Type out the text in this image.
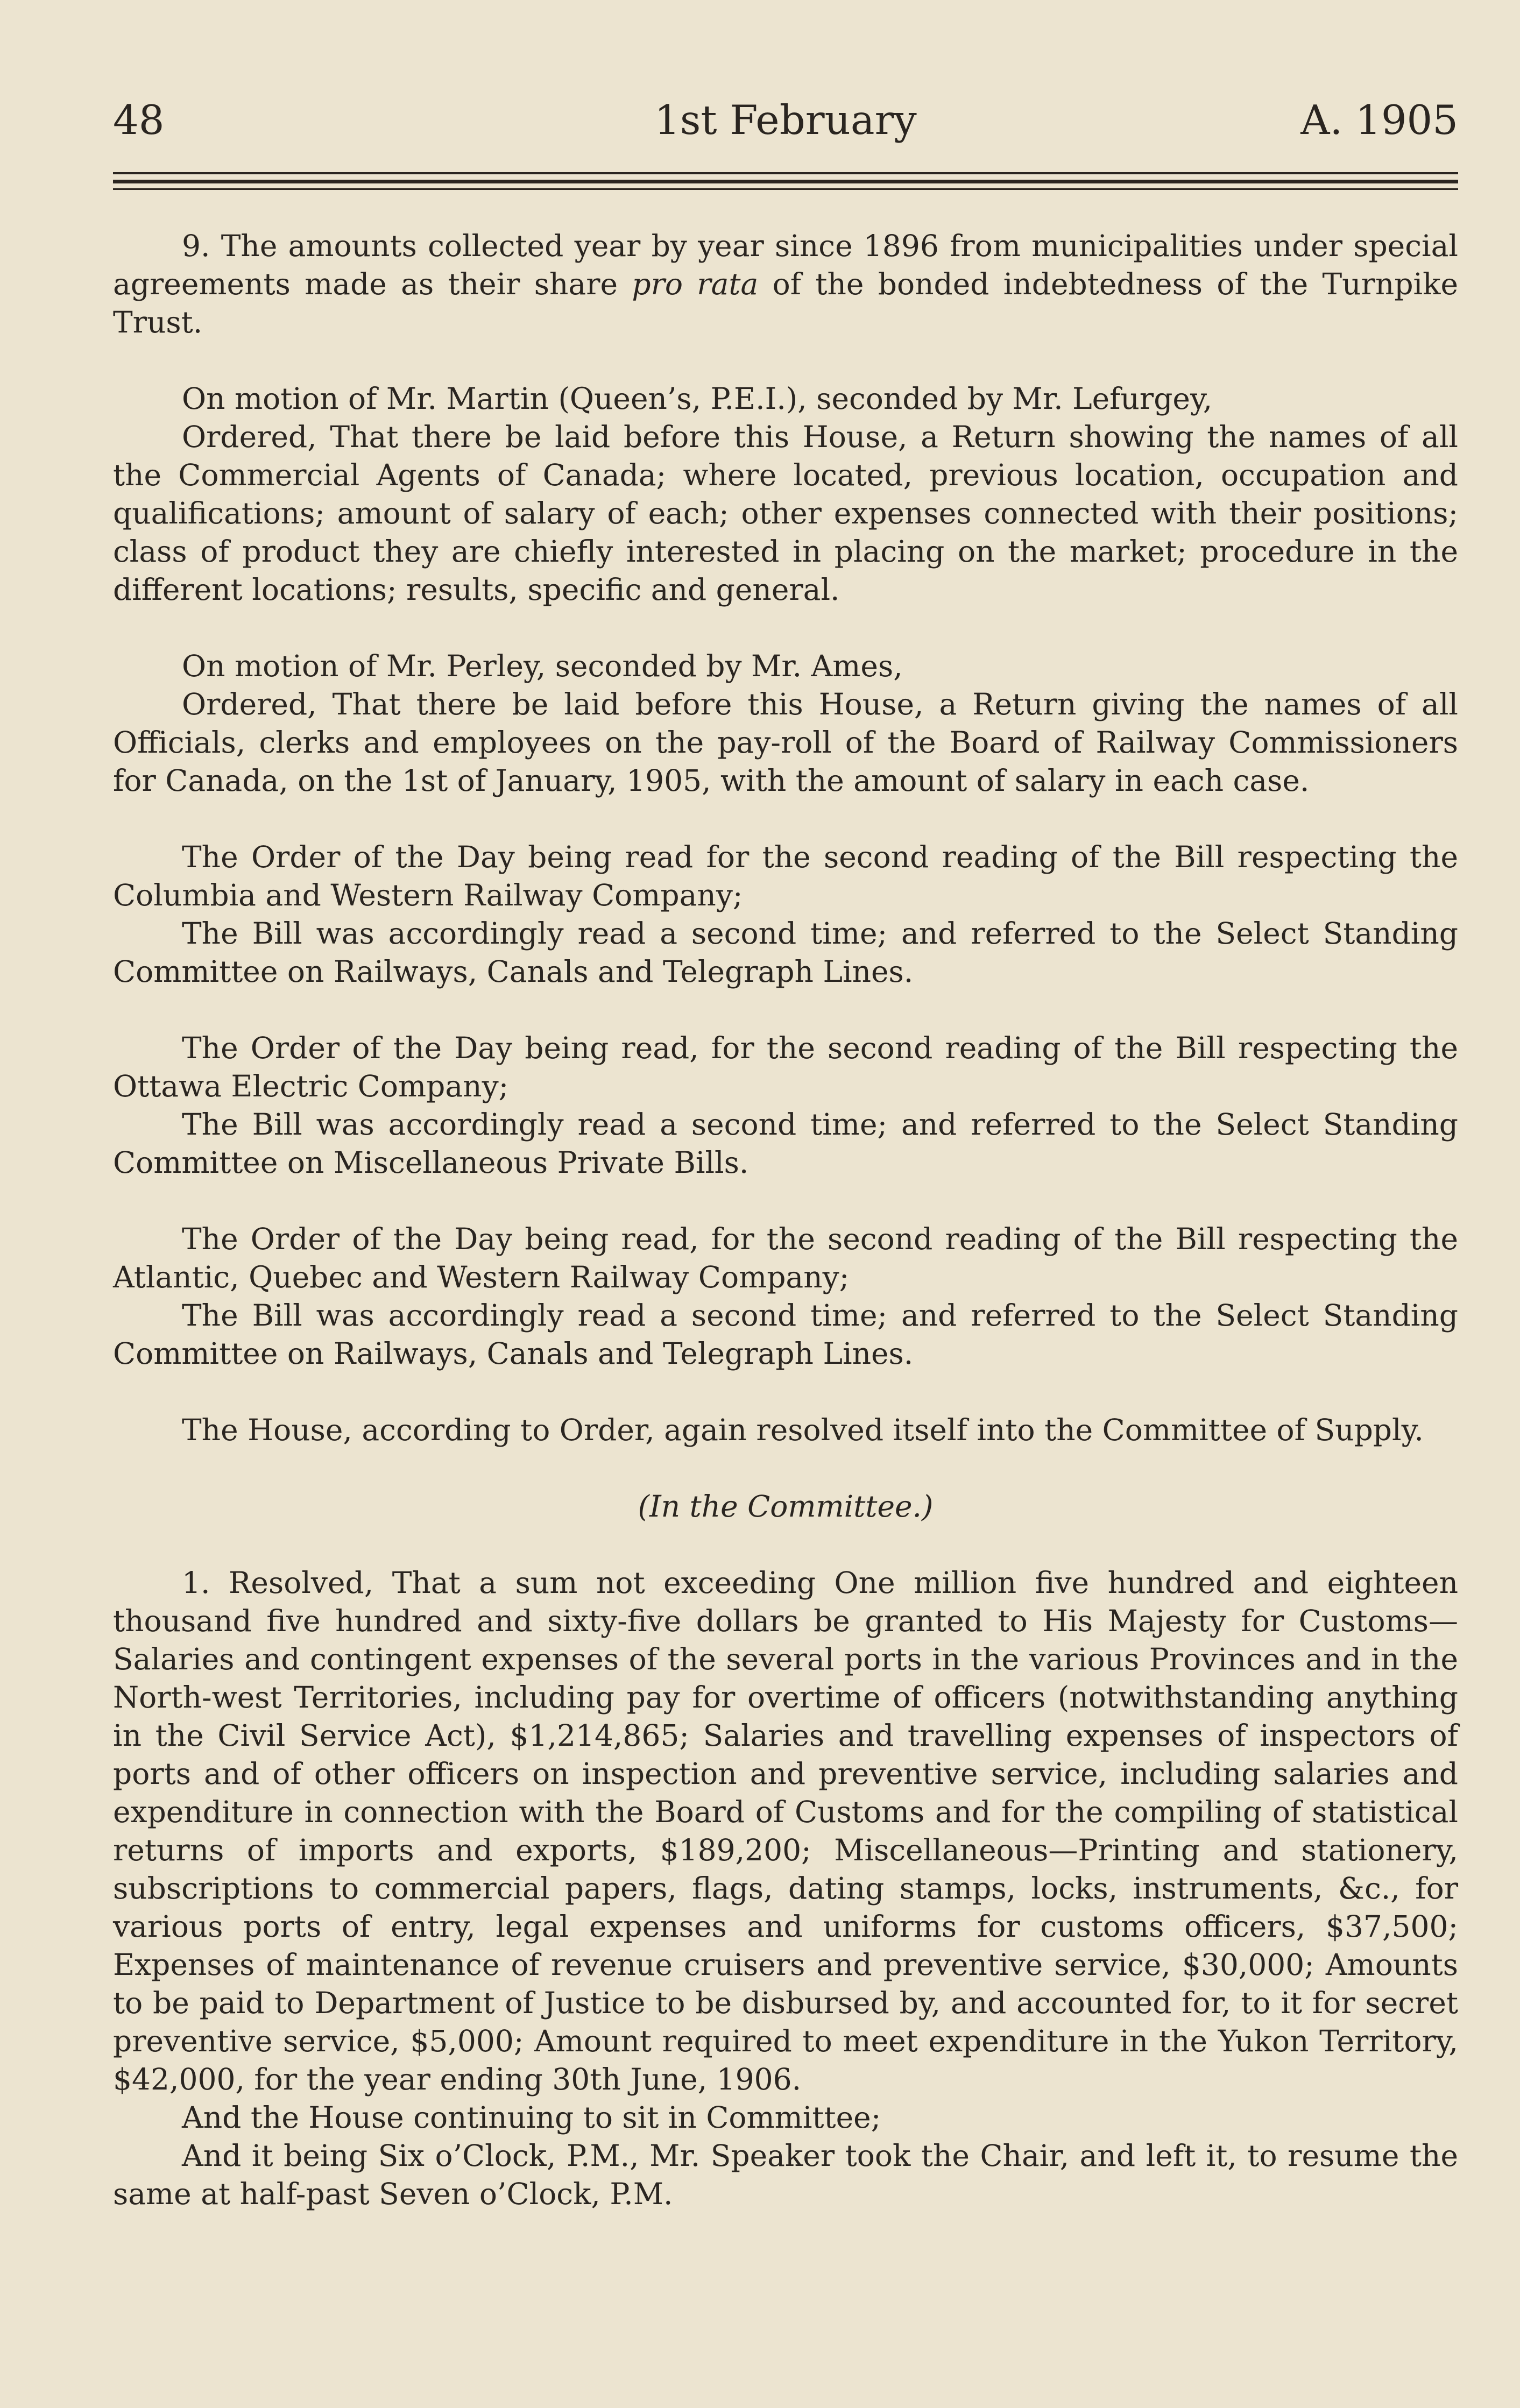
48	1st February	A. 1905

9. The amounts collected year by year since 1896 from municipalities under special agreements made as their share pro rata of the bonded indebtedness of the Turnpike Trust.

On motion of Mr. Martin (Queen’s, P.E.I.), seconded by Mr. Lefurgey,

Ordered, That there be laid before this House, a Return showing the names of all the Commercial Agents of Canada; where located, previous location, occupation and qualifications; amount of salary of each; other expenses connected with their positions; class of product they are chiefly interested in placing on the market; procedure in the different locations; results, specific and general.

On motion of Mr. Perley, seconded by Mr. Ames,

Ordered, That there be laid before this House, a Return giving the names of all Officials, clerks and employees on the pay-roll of the Board of Railway Commissioners for Canada, on the 1st of January, 1905, with the amount of salary in each case.

The Order of the Day being read for the second reading of the Bill respecting the Columbia and Western Railway Company;

The Bill was accordingly read a second time; and referred to the Select Standing Committee on Railways, Canals and Telegraph Lines.

The Order of the Day being read, for the second reading of the Bill respecting the Ottawa Electric Company;

The Bill was accordingly read a second time; and referred to the Select Standing Committee on Miscellaneous Private Bills.

The Order of the Day being read, for the second reading of the Bill respecting the Atlantic, Quebec and Western Railway Company;

The Bill was accordingly read a second time; and referred to the Select Standing Committee on Railways, Canals and Telegraph Lines.

The House, according to Order, again resolved itself into the Committee of Supply.

(In the Committee.)

1. Resolved, That a sum not exceeding One million five hundred and eighteen thousand five hundred and sixty-five dollars be granted to His Majesty for Customs— Salaries and contingent expenses of the several ports in the various Provinces and in the North-west Territories, including pay for overtime of officers (notwithstanding anything in the Civil Service Act), $1,214,865; Salaries and travelling expenses of inspectors of ports and of other officers on inspection and preventive service, including salaries and expenditure in connection with the Board of Customs and for the compiling of statistical returns of imports and exports, $189,200; Miscellaneous—Printing and stationery, subscriptions to commercial papers, flags, dating stamps, locks, instruments, &c., for various ports of entry, legal expenses and uniforms for customs officers, $37,500; Expenses of maintenance of revenue cruisers and preventive service, $30,000; Amounts to be paid to Department of Justice to be disbursed by, and accounted for, to it for secret preventive service, $5,000; Amount required to meet expenditure in the Yukon Territory, $42,000, for the year ending 30th June, 1906.

And the House continuing to sit in Committee;

And it being Six o’Clock, P.M., Mr. Speaker took the Chair, and left it, to resume the same at half-past Seven o’Clock, P.M.
